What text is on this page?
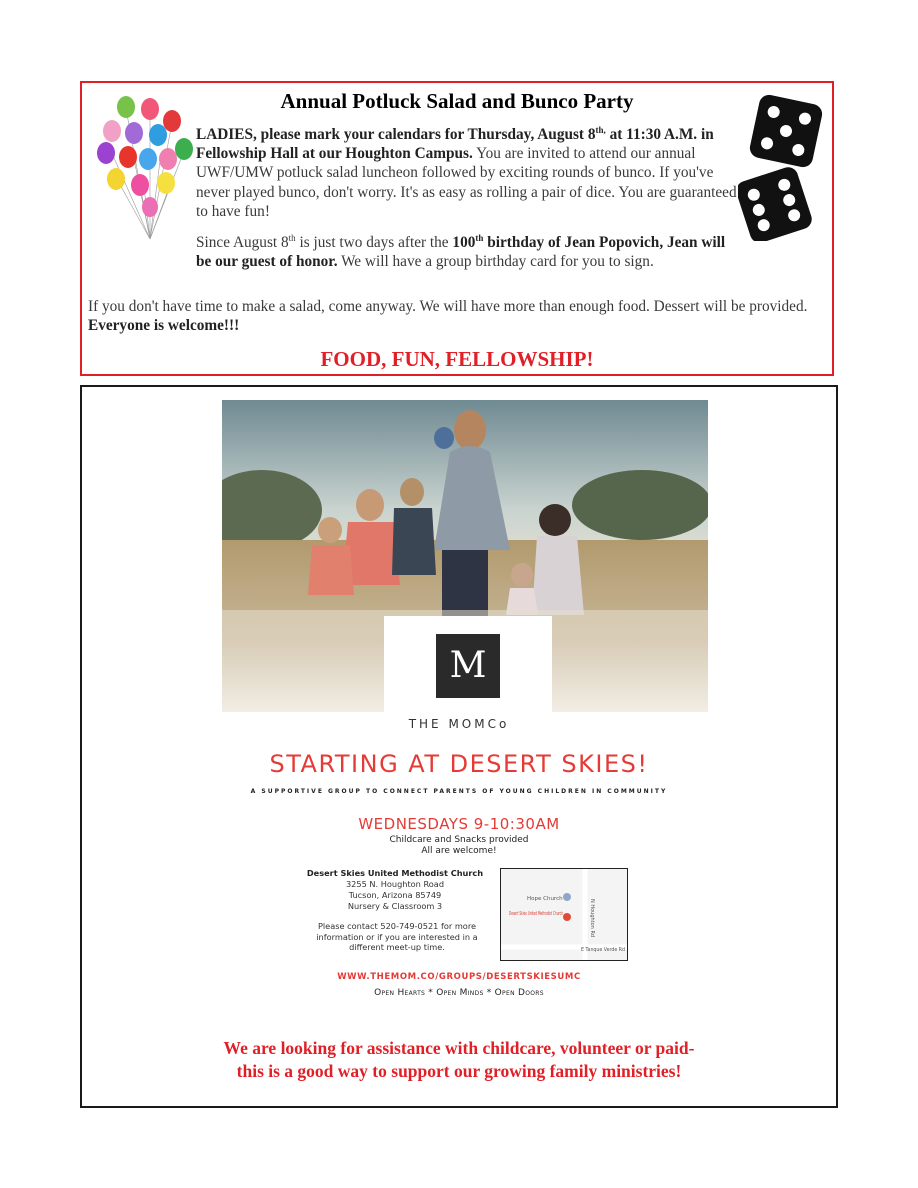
Annual Potluck Salad and Bunco Party

LADIES, please mark your calendars for Thursday, August $8^{th,}$ at 11:30 A.M. in Fellowship Hall at our Houghton Campus. You are invited to attend our annual UWF/UMW potluck salad luncheon followed by exciting rounds of bunco. If you've never played bunco, don't worry. It's as easy as rolling a pair of dice. You are guaranteed to have fun!

Since August 8th is just two days after the 100th birthday of Jean Popovich, Jean will be our guest of honor. We will have a group birthday card for you to sign.

If you don't have time to make a salad, come anyway. We will have more than enough food. Dessert will be provided. Everyone is welcome!!!
FOOD, FUN, FELLOWSHIP!
M
THE MOMCo
STARTING AT DESERT SKIES!
A SUPPORTIVE GROUP TO CONNECT PARENTS OF YOUNG CHILDREN IN COMMUNITY
WEDNESDAYS 9-10:30AM
Childcare and Snacks provided
All are welcome!
Desert Skies United Methodist Church
3255 N. Houghton Road
Tucson, Arizona 85749
Nursery & Classroom 3
Please contact 520-749-0521 for more information or if you are interested in a different meet-up time.
Hope Church
Desert Skies United Methodist Church
E Tanque Verde Rd
N Houghton Rd
WWW.THEMOM.CO/GROUPS/DESERTSKIESUMC
Open Hearts * Open Minds * Open Doors
We are looking for assistance with childcare, volunteer or paid-
this is a good way to support our growing family ministries!
